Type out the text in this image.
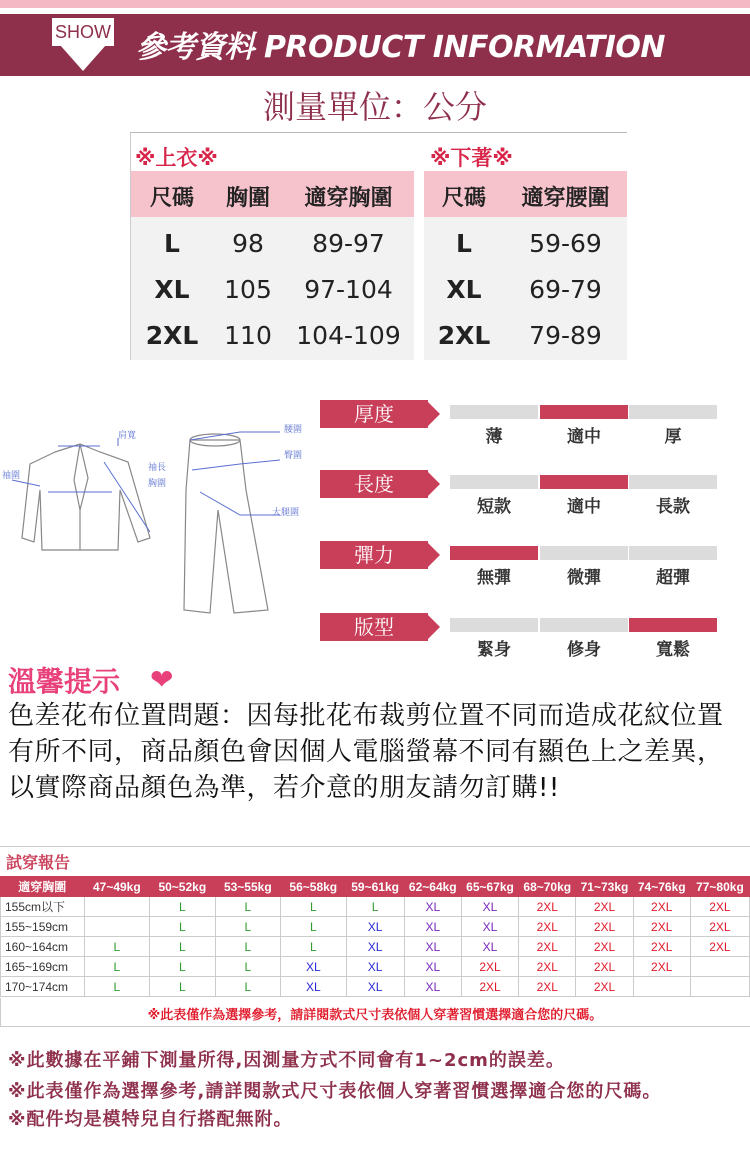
SHOW 參考資料 PRODUCT INFORMATION
測量單位：公分
※上衣※	※下著※
尺碼	胸圍	適穿胸圍
L	98	89-97
XL	105	97-104
2XL	110 104-109
尺碼	適穿腰圍
L	59-69
XL	69-79
2XL	79-89
肩寬
袖圍
袖長
胸圍
腰圍
臀圍
大腿圍
厚度
薄	適中	厚
長度
短款	適中	長款
彈力
無彈	微彈	超彈
版型
緊身	修身	寬鬆
溫馨提示 ❤
色差花布位置問題：因每批花布裁剪位置不同而造成花紋位置有所不同，商品顏色會因個人電腦螢幕不同有顯色上之差異，以實際商品顏色為準，若介意的朋友請勿訂購!!
試穿報告
適穿胸圍	47~49kg	50~52kg	53~55kg	56~58kg	59~61kg	62~64kg	65~67kg	68~70kg	71~73kg	74~76kg	77~80kg
155cm以下		L	L	L	L	XL	XL	2XL	2XL	2XL	2XL
155~159cm		L	L	L	XL	XL	XL	2XL	2XL	2XL	2XL
160~164cm	L	L	L	L	XL	XL	XL	2XL	2XL	2XL	2XL
165~169cm	L	L	L	XL	XL	XL	2XL	2XL	2XL	2XL	
170~174cm	L	L	L	XL	XL	XL	2XL	2XL	2XL		
※此表僅作為選擇參考，請詳閱款式尺寸表依個人穿著習慣選擇適合您的尺碼。
※此數據在平鋪下測量所得,因測量方式不同會有1~2cm的誤差。
※此表僅作為選擇參考,請詳閱款式尺寸表依個人穿著習慣選擇適合您的尺碼。
※配件均是模特兒自行搭配無附。
